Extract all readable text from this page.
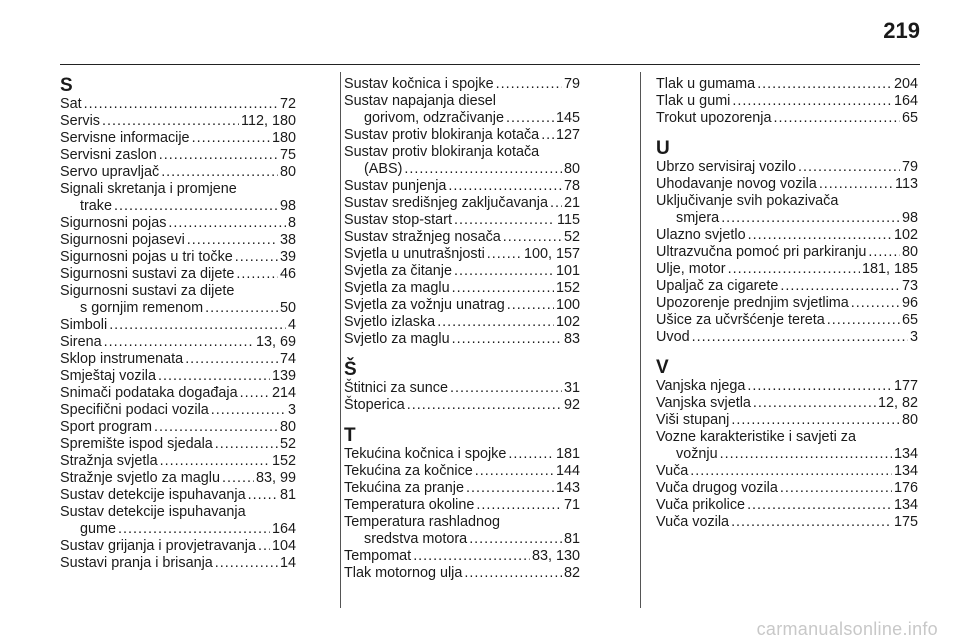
219
S
Sat .....	72
Servis .....	112, 180
Servisne informacije .....	180
Servisni zaslon .....	75
Servo upravljač .....	80
Signali skretanja i promjene
trake .....	98
Sigurnosni pojas .....	8
Sigurnosni pojasevi .....	38
Sigurnosni pojas u tri točke .....	39
Sigurnosni sustavi za dijete .....	46
Sigurnosni sustavi za dijete
s gornjim remenom .....	50
Simboli .....	4
Sirena .....	13, 69
Sklop instrumenata .....	74
Smještaj vozila .....	139
Snimači podataka događaja ..... 214
Specifični podaci vozila .....	3
Sport program .....	80
Spremište ispod sjedala .....	52
Stražnja svjetla .....	152
Stražnje svjetlo za maglu .....	83, 99
Sustav detekcije ispuhavanja ..... 81
Sustav detekcije ispuhavanja
gume .....	164
Sustav grijanja i provjetravanja ..... 104
Sustavi pranja i brisanja .....	14
Sustav kočnica i spojke .....	79
Sustav napajanja diesel
gorivom, odzračivanje .....	145
Sustav protiv blokiranja kotača ..... 127
Sustav protiv blokiranja kotača
(ABS) .....	80
Sustav punjenja .....	78
Sustav središnjeg zaključavanja ..... 21
Sustav stop-start .....	115
Sustav stražnjeg nosača .....	52
Svjetla u unutrašnjosti .....	100, 157
Svjetla za čitanje .....	101
Svjetla za maglu .....	152
Svjetla za vožnju unatrag .....	100
Svjetlo izlaska .....	102
Svjetlo za maglu .....	83
Š
Štitnici za sunce .....	31
Štoperica .....	92
T
Tekućina kočnica i spojke .....	181
Tekućina za kočnice .....	144
Tekućina za pranje .....	143
Temperatura okoline .....	71
Temperatura rashladnog
sredstva motora .....	81
Tempomat .....	83, 130
Tlak motornog ulja .....	82
Tlak u gumama .....	204
Tlak u gumi .....	164
Trokut upozorenja .....	65
U
Ubrzo servisiraj vozilo .....	79
Uhodavanje novog vozila .....	113
Uključivanje svih pokazivača
smjera .....	98
Ulazno svjetlo .....	102
Ultrazvučna pomoć pri parkiranju ..... 80
Ulje, motor .....	181, 185
Upaljač za cigarete .....	73
Upozorenje prednjim svjetlima .....	96
Ušice za učvršćenje tereta .....	65
Uvod .....	3
V
Vanjska njega .....	177
Vanjska svjetla .....	12, 82
Viši stupanj .....	80
Vozne karakteristike i savjeti za
vožnju .....	134
Vuča .....	134
Vuča drugog vozila .....	176
Vuča prikolice .....	134
Vuča vozila .....	175
carmanualsonline.info
